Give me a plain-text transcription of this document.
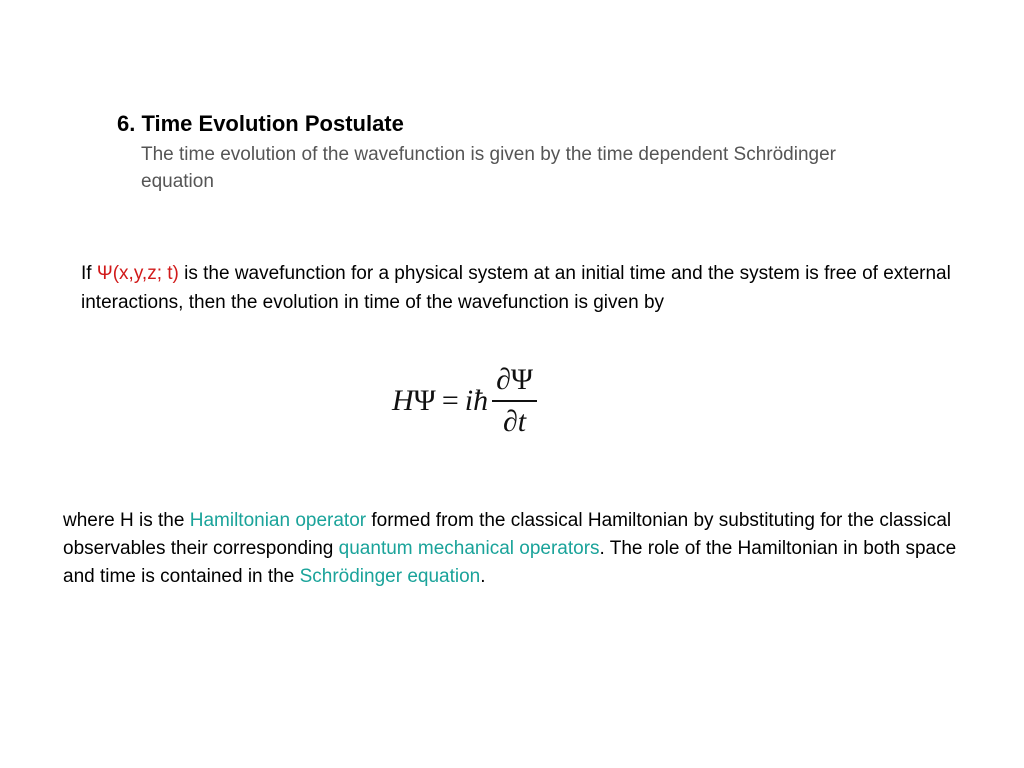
6. Time Evolution Postulate

The time evolution of the wavefunction is given by the time dependent Schrödinger equation

If Ψ(x,y,z; t) is the wavefunction for a physical system at an initial time and the system is free of external interactions, then the evolution in time of the wavefunction is given by

HΨ = iħ $\frac{\partial\Psi}{\partial t}$

where H is the Hamiltonian operator formed from the classical Hamiltonian by substituting for the classical observables their corresponding quantum mechanical operators. The role of the Hamiltonian in both space and time is contained in the Schrödinger equation.
